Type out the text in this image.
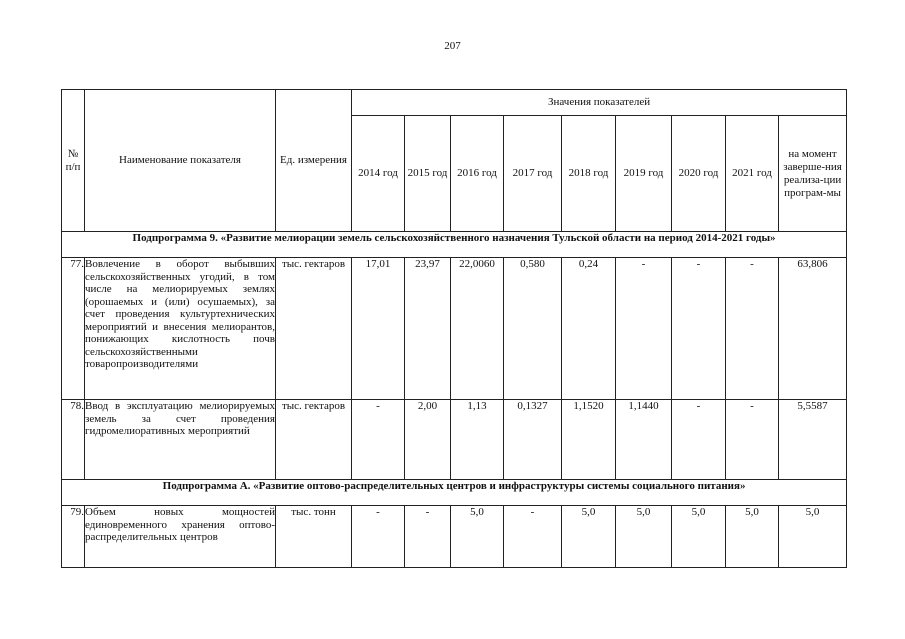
207
№ п/п	Наименование показателя	Ед. измерения	Значения показателей								
			2014 год	2015 год	2016 год	2017 год	2018 год	2019 год	2020 год	2021 год	на момент заверше-ния реализа-ции програм-мы
Подпрограмма 9. «Развитие мелиорации земель сельскохозяйственного назначения Тульской области на период 2014-2021 годы»											
77.	Вовлечение в оборот выбывших сельскохозяйственных угодий, в том числе на мелиорируемых землях (орошаемых и (или) осушаемых), за счет проведения культуртехнических мероприятий и внесения мелиорантов, понижающих кислотность почв сельскохозяйственными товаропроизводителями	тыс. гектаров	17,01	23,97	22,0060	0,580	0,24	-	-	-	63,806
78.	Ввод в эксплуатацию мелиорируемых земель за счет проведения гидромелиоративных мероприятий	тыс. гектаров	-	2,00	1,13	0,1327	1,1520	1,1440	-	-	5,5587
Подпрограмма А. «Развитие оптово-распределительных центров и инфраструктуры системы социального питания»											
79.	Объем новых мощностей единовременного хранения оптово-распределительных центров	тыс. тонн	-	-	5,0	-	5,0	5,0	5,0	5,0	5,0
